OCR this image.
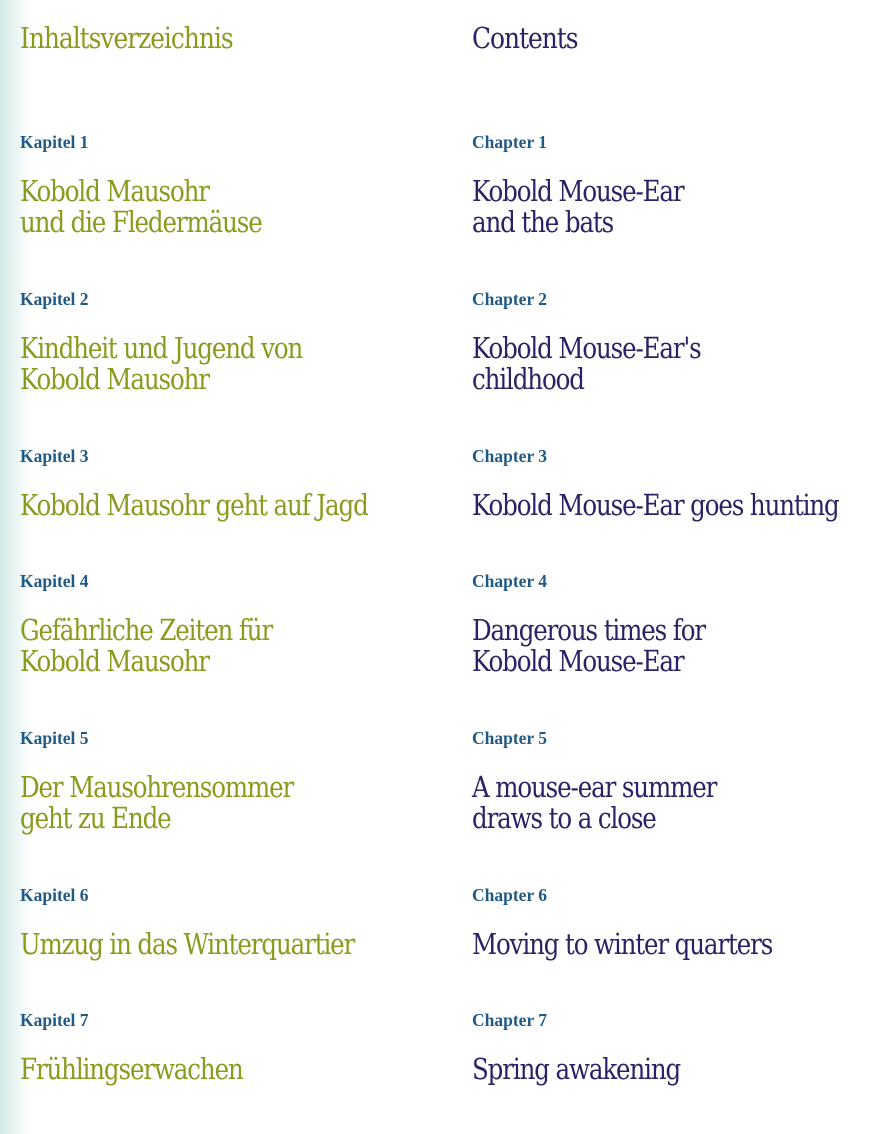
Inhaltsverzeichnis
Kapitel 1
Kobold Mausohr
und die Fledermäuse
Kapitel 2
Kindheit und Jugend von
Kobold Mausohr
Kapitel 3
Kobold Mausohr geht auf Jagd
Kapitel 4
Gefährliche Zeiten für
Kobold Mausohr
Kapitel 5
Der Mausohrensommer
geht zu Ende
Kapitel 6
Umzug in das Winterquartier
Kapitel 7
Frühlingserwachen
Contents
Chapter 1
Kobold Mouse-Ear
and the bats
Chapter 2
Kobold Mouse-Ear's
childhood
Chapter 3
Kobold Mouse-Ear goes hunting
Chapter 4
Dangerous times for
Kobold Mouse-Ear
Chapter 5
A mouse-ear summer
draws to a close
Chapter 6
Moving to winter quarters
Chapter 7
Spring awakening
